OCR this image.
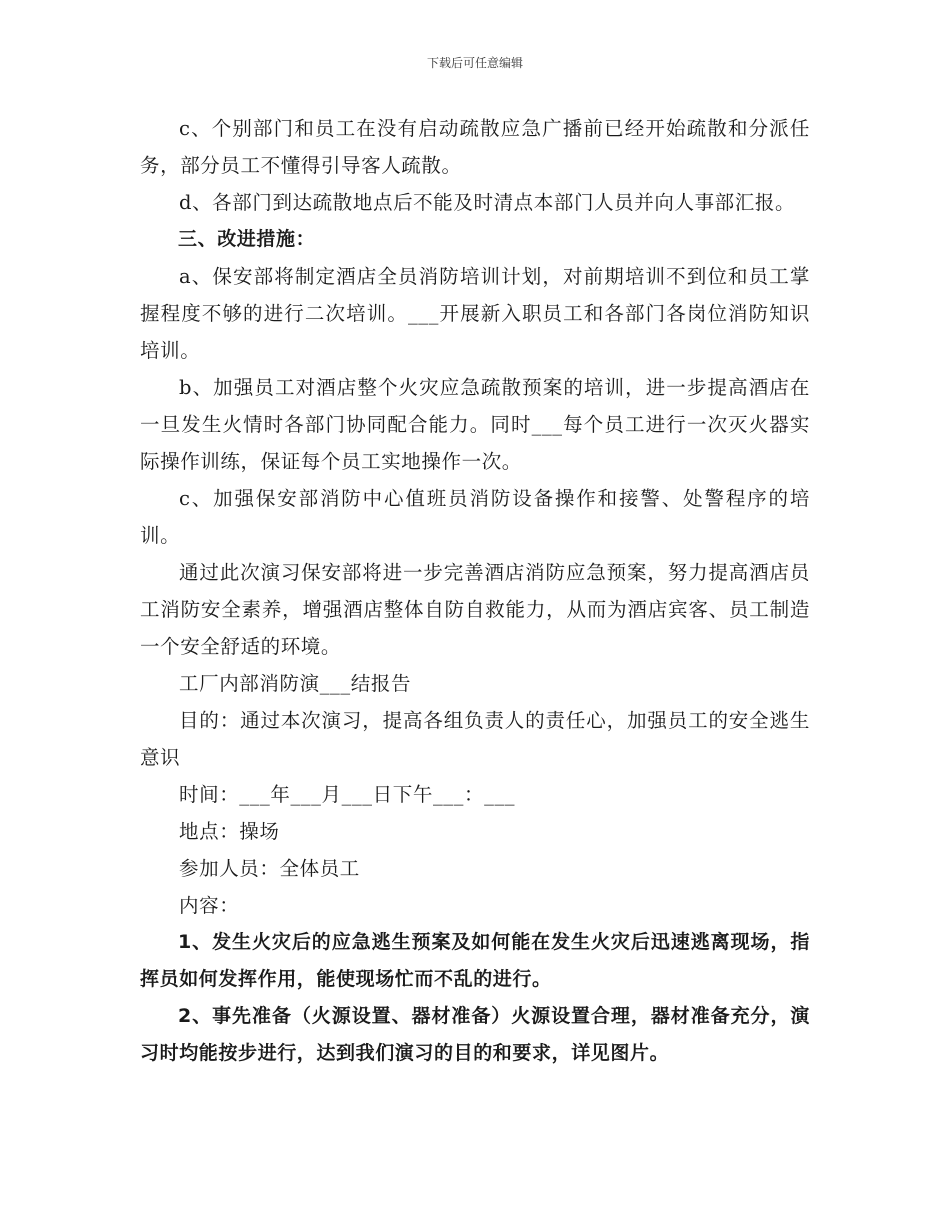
下载后可任意编辑

c、个别部门和员工在没有启动疏散应急广播前已经开始疏散和分派任务，部分员工不懂得引导客人疏散。

d、各部门到达疏散地点后不能及时清点本部门人员并向人事部汇报。

三、改进措施：

a、保安部将制定酒店全员消防培训计划，对前期培训不到位和员工掌握程度不够的进行二次培训。___开展新入职员工和各部门各岗位消防知识培训。

b、加强员工对酒店整个火灾应急疏散预案的培训，进一步提高酒店在一旦发生火情时各部门协同配合能力。同时___每个员工进行一次灭火器实际操作训练，保证每个员工实地操作一次。

c、加强保安部消防中心值班员消防设备操作和接警、处警程序的培训。

通过此次演习保安部将进一步完善酒店消防应急预案，努力提高酒店员工消防安全素养，增强酒店整体自防自救能力，从而为酒店宾客、员工制造一个安全舒适的环境。

工厂内部消防演___结报告

目的：通过本次演习，提高各组负责人的责任心，加强员工的安全逃生意识

时间：___年___月___日下午___：___

地点：操场

参加人员：全体员工

内容：

1、发生火灾后的应急逃生预案及如何能在发生火灾后迅速逃离现场，指挥员如何发挥作用，能使现场忙而不乱的进行。

2、事先准备（火源设置、器材准备）火源设置合理，器材准备充分，演习时均能按步进行，达到我们演习的目的和要求，详见图片。
